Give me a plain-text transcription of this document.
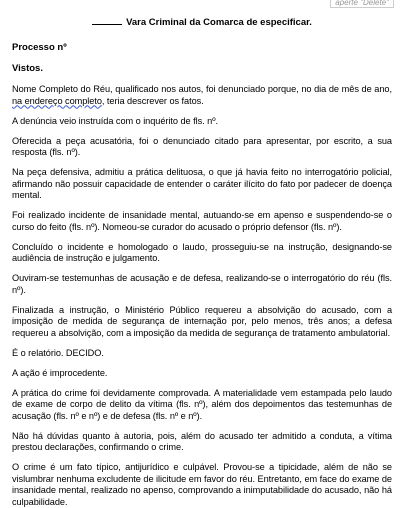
aperte "Delete"
Vara Criminal da Comarca de especificar.
Processo nº
Vistos.

Nome Completo do Réu, qualificado nos autos, foi denunciado porque, no dia de mês de ano, na endereço completo, teria descrever os fatos.

A denúncia veio instruída com o inquérito de fls. nº.

Oferecida a peça acusatória, foi o denunciado citado para apresentar, por escrito, a sua resposta (fls. nº).

Na peça defensiva, admitiu a prática delituosa, o que já havia feito no interrogatório policial, afirmando não possuir capacidade de entender o caráter ilícito do fato por padecer de doença mental.

Foi realizado incidente de insanidade mental, autuando-se em apenso e suspendendo-se o curso do feito (fls. nº). Nomeou-se curador do acusado o próprio defensor (fls. nº).

Concluído o incidente e homologado o laudo, prosseguiu-se na instrução, designando-se audiência de instrução e julgamento.

Ouviram-se testemunhas de acusação e de defesa, realizando-se o interrogatório do réu (fls. nº).

Finalizada a instrução, o Ministério Público requereu a absolvição do acusado, com a imposição de medida de segurança de internação por, pelo menos, três anos; a defesa requereu a absolvição, com a imposição da medida de segurança de tratamento ambulatorial.

É o relatório. DECIDO.

A ação é improcedente.

A prática do crime foi devidamente comprovada. A materialidade vem estampada pelo laudo de exame de corpo de delito da vítima (fls. nº), além dos depoimentos das testemunhas de acusação (fls. nº e nº) e de defesa (fls. nº e nº).

Não há dúvidas quanto à autoria, pois, além do acusado ter admitido a conduta, a vítima prestou declarações, confirmando o crime.

O crime é um fato típico, antijurídico e culpável. Provou-se a tipicidade, além de não se vislumbrar nenhuma excludente de ilicitude em favor do réu. Entretanto, em face do exame de insanidade mental, realizado no apenso, comprovando a inimputabilidade do acusado, não há culpabilidade.
